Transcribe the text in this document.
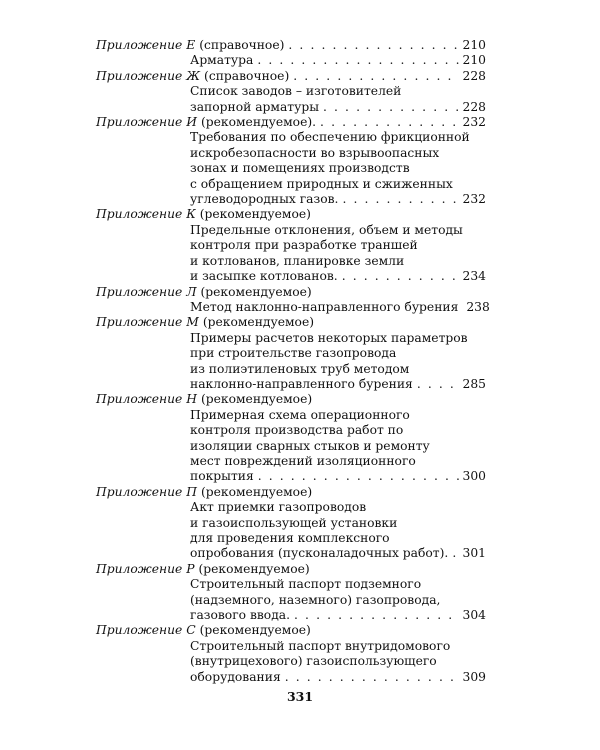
Приложение Е (справочное) . . .	210
Арматура . . .	210
Приложение Ж (справочное) . . .	228
Список заводов – изготовителей
запорной арматуры . . .	228
Приложение И (рекомендуемое). . . .	232
Требования по обеспечению фрикционной
искробезопасности во взрывоопасных
зонах и помещениях производств
с обращением природных и сжиженных
углеводородных газов. . . .	232
Приложение К (рекомендуемое)
Предельные отклонения, объем и методы
контроля при разработке траншей
и котлованов, планировке земли
и засыпке котлованов. . . .	234
Приложение Л (рекомендуемое)
Метод наклонно-направленного бурения 238
Приложение М (рекомендуемое)
Примеры расчетов некоторых параметров
при строительстве газопровода
из полиэтиленовых труб методом
наклонно-направленного бурения . . .	285
Приложение Н (рекомендуемое)
Примерная схема операционного
контроля производства работ по
изоляции сварных стыков и ремонту
мест повреждений изоляционного
покрытия . . .	300
Приложение П (рекомендуемое)
Акт приемки газопроводов
и газоиспользующей установки
для проведения комплексного
опробования (пусконаладочных работ). . . . 301
Приложение Р (рекомендуемое)
Строительный паспорт подземного
(надземного, наземного) газопровода,
газового ввода. . . .	304
Приложение С (рекомендуемое)
Строительный паспорт внутридомового
(внутрицехового) газоиспользующего
оборудования . . .	309
331
